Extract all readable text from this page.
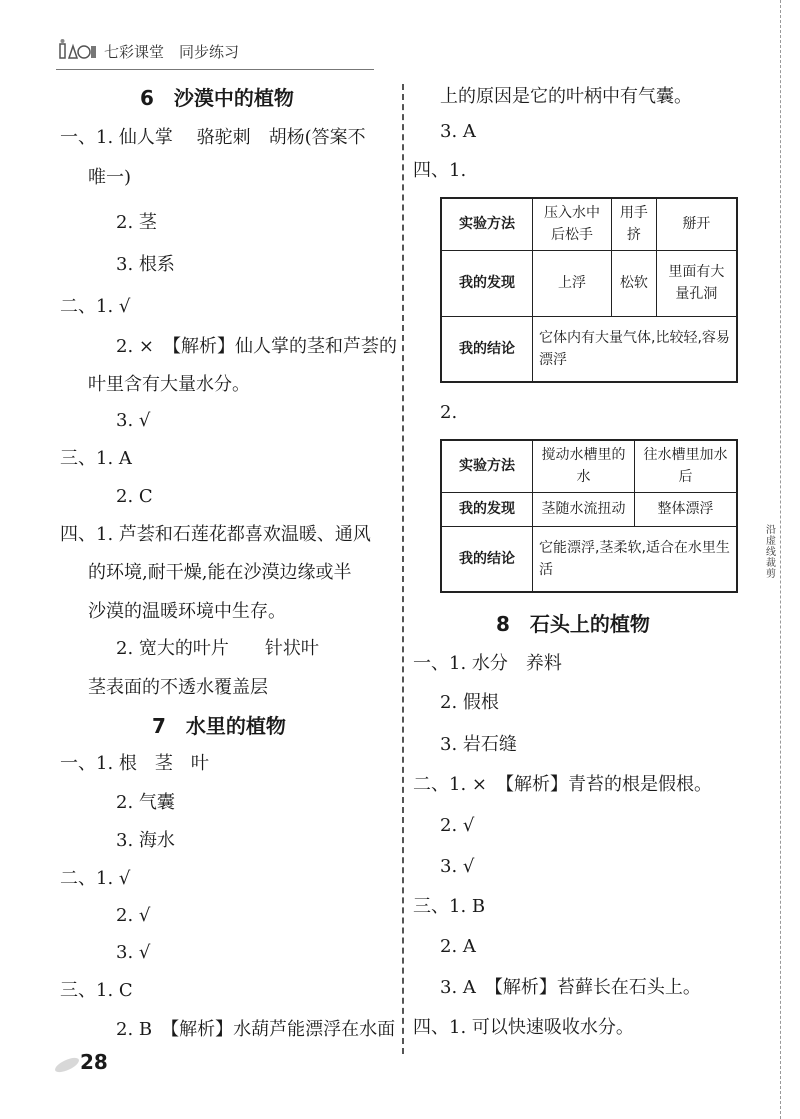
七彩课堂　 同步练习
沿虚线裁剪
6　沙漠中的植物
一、1. 仙人掌　 骆驼刺　胡杨(答案不
唯一)
2. 茎
3. 根系
二、1. √
2. ×　【解析】仙人掌的茎和芦荟的
叶里含有大量水分。
3. √
三、1. A
2. C
四、1. 芦荟和石莲花都喜欢温暖、通风
的环境,耐干燥,能在沙漠边缘或半
沙漠的温暖环境中生存。
2. 宽大的叶片　　针状叶
茎表面的不透水覆盖层
7　水里的植物
一、1. 根　茎　叶
2. 气囊
3. 海水
二、1. √
2. √
3. √
三、1. C
2. B　【解析】水葫芦能漂浮在水面
上的原因是它的叶柄中有气囊。
3. A
四、1.
2.
8　石头上的植物
一、1. 水分　养料
2. 假根
3. 岩石缝
二、1. ×　【解析】青苔的根是假根。
2. √
3. √
三、1. B
2. A
3. A　【解析】苔藓长在石头上。
四、1. 可以快速吸收水分。
实验方法	压入水中后松手	用手挤	掰开
我的发现	上浮	松软	里面有大量孔洞
我的结论	它体内有大量气体,比较轻,容易漂浮		
实验方法	搅动水槽里的水	往水槽里加水后
我的发现	茎随水流扭动	整体漂浮
我的结论	它能漂浮,茎柔软,适合在水里生活	
28
